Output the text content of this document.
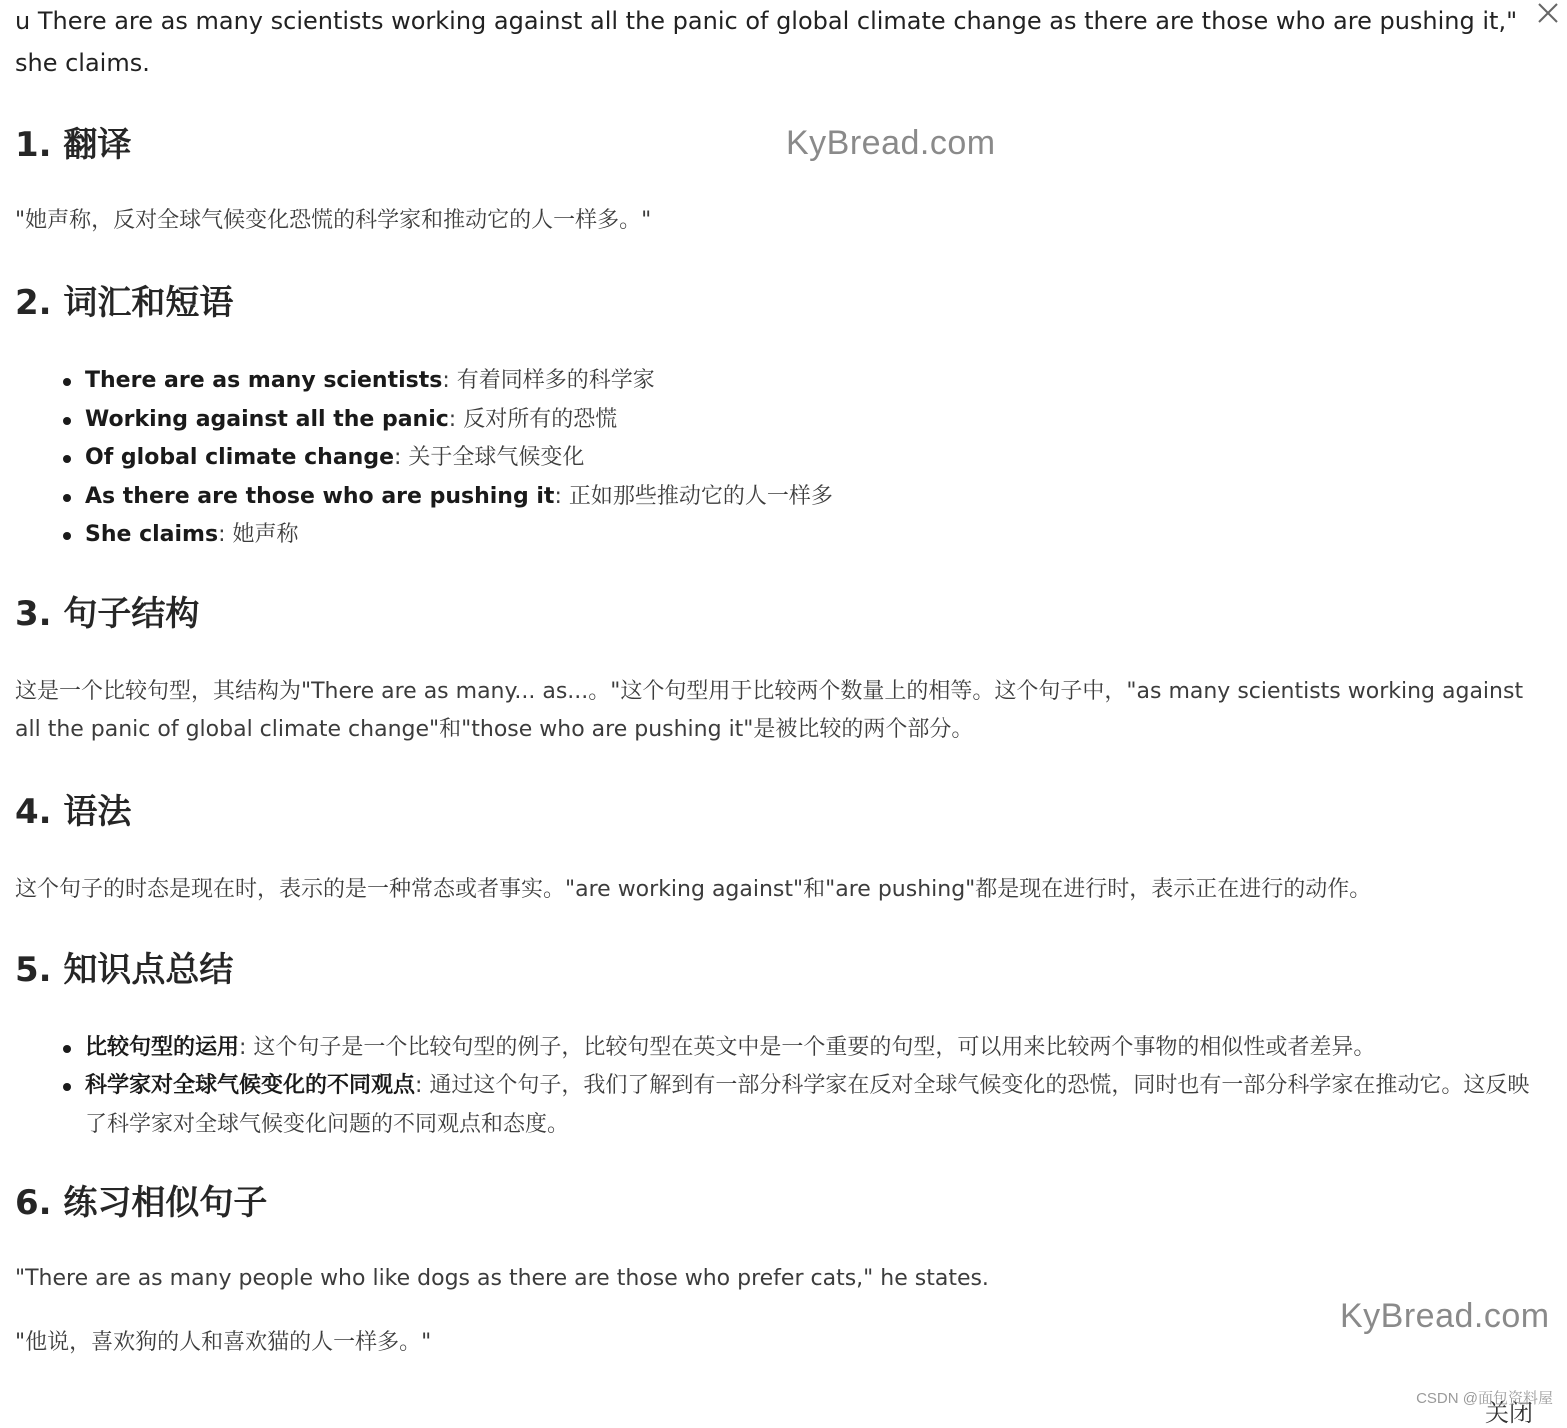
u There are as many scientists working against all the panic of global climate change as there are those who are pushing it," she claims.

1. 翻译

"她声称，反对全球气候变化恐慌的科学家和推动它的人一样多。"

2. 词汇和短语
There are as many scientists: 有着同样多的科学家
Working against all the panic: 反对所有的恐慌
Of global climate change: 关于全球气候变化
As there are those who are pushing it: 正如那些推动它的人一样多
She claims: 她声称
3. 句子结构

这是一个比较句型，其结构为"There are as many... as...。"这个句型用于比较两个数量上的相等。这个句子中，"as many scientists working against all the panic of global climate change"和"those who are pushing it"是被比较的两个部分。

4. 语法

这个句子的时态是现在时，表示的是一种常态或者事实。"are working against"和"are pushing"都是现在进行时，表示正在进行的动作。

5. 知识点总结
比较句型的运用: 这个句子是一个比较句型的例子，比较句型在英文中是一个重要的句型，可以用来比较两个事物的相似性或者差异。
科学家对全球气候变化的不同观点: 通过这个句子，我们了解到有一部分科学家在反对全球气候变化的恐慌，同时也有一部分科学家在推动它。这反映了科学家对全球气候变化问题的不同观点和态度。
6. 练习相似句子

"There are as many people who like dogs as there are those who prefer cats," he states.

"他说，喜欢狗的人和喜欢猫的人一样多。"

KyBread.com
KyBread.com
关闭
CSDN @面包资料屋
